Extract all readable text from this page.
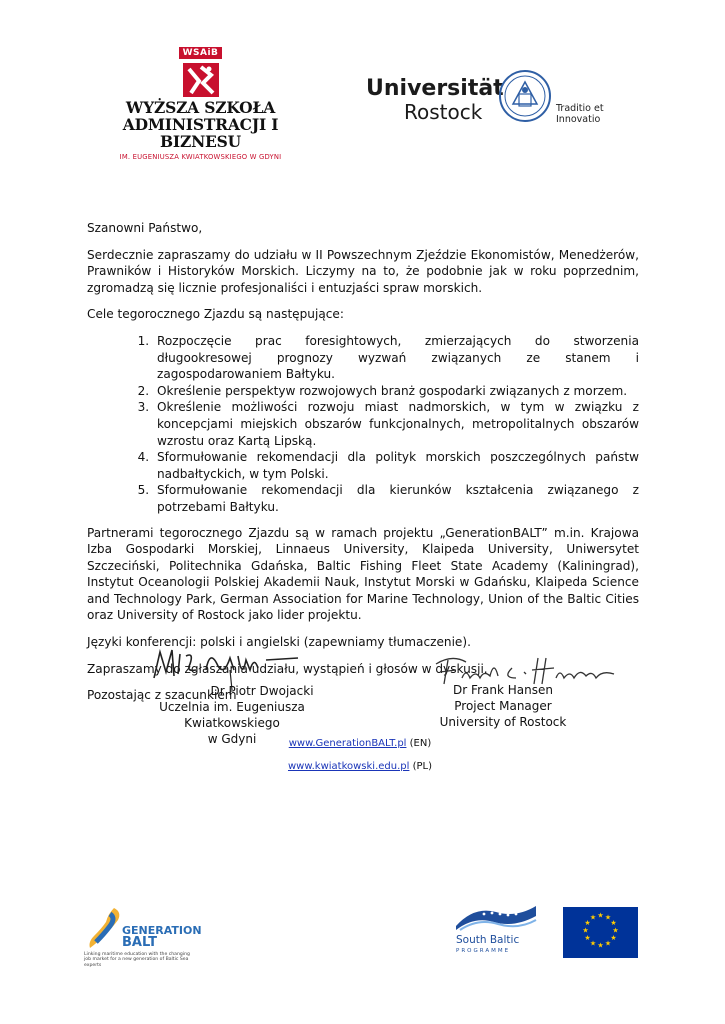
WSAiB
WYŻSZA SZKOŁA
ADMINISTRACJI I BIZNESU
IM. EUGENIUSZA KWIATKOWSKIEGO W GDYNI
Universität
Rostock	Traditio et Innovatio

Szanowni Państwo,

Serdecznie zapraszamy do udziału w II Powszechnym Zjeździe Ekonomistów, Menedżerów, Prawników i Historyków Morskich. Liczymy na to, że podobnie jak w roku poprzednim, zgromadzą się licznie profesjonaliści i entuzjaści spraw morskich.

Cele tegorocznego Zjazdu są następujące:

1. Rozpoczęcie prac foresightowych, zmierzających do stworzenia długookresowej prognozy wyzwań związanych ze stanem i zagospodarowaniem Bałtyku.
2. Określenie perspektyw rozwojowych branż gospodarki związanych z morzem.
3. Określenie możliwości rozwoju miast nadmorskich, w tym w związku z koncepcjami miejskich obszarów funkcjonalnych, metropolitalnych obszarów wzrostu oraz Kartą Lipską.
4. Sformułowanie rekomendacji dla polityk morskich poszczególnych państw nadbałtyckich, w tym Polski.
5. Sformułowanie rekomendacji dla kierunków kształcenia związanego z potrzebami Bałtyku.

Partnerami tegorocznego Zjazdu są w ramach projektu „GenerationBALT” m.in. Krajowa Izba Gospodarki Morskiej, Linnaeus University, Klaipeda University, Uniwersytet Szczeciński, Politechnika Gdańska, Baltic Fishing Fleet State Academy (Kaliningrad), Instytut Oceanologii Polskiej Akademii Nauk, Instytut Morski w Gdańsku, Klaipeda Science and Technology Park, German Association for Marine Technology, Union of the Baltic Cities oraz University of Rostock jako lider projektu.

Języki konferencji: polski i angielski (zapewniamy tłumaczenie).

Zapraszamy do zgłaszania udziału, wystąpień i głosów w dyskusji.

Pozostając z szacunkiem

Dr Piotr Dwojacki
Uczelnia im. Eugeniusza Kwiatkowskiego
w Gdyni
Dr Frank Hansen
Project Manager
University of Rostock
www.GenerationBALT.pl (EN)
www.kwiatkowski.edu.pl (PL)
GENERATION
BALT
Linking maritime education with the changing job market for a new generation of Baltic Sea experts
South Baltic
PROGRAMME
★ ★
★
★
★
★
★
★
★
★
★
★
